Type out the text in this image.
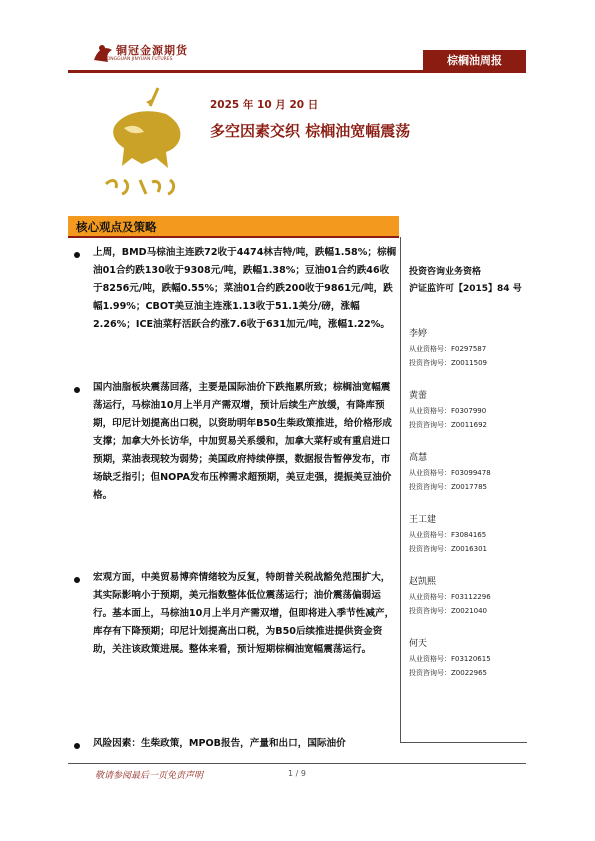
铜冠金源期货
TONGGUAN JINYUAN FUTURES	棕榈油周报
2025 年 10 月 20 日
多空因素交织 棕榈油宽幅震荡
核心观点及策略
上周，BMD马棕油主连跌72收于4474林吉特/吨，跌幅1.58%；棕榈油01合约跌130收于9308元/吨，跌幅1.38%；豆油01合约跌46收于8256元/吨，跌幅0.55%；菜油01合约跌200收于9861元/吨，跌幅1.99%；CBOT美豆油主连涨1.13收于51.1美分/磅，涨幅2.26%；ICE油菜籽活跃合约涨7.6收于631加元/吨，涨幅1.22%。
国内油脂板块震荡回落，主要是国际油价下跌拖累所致；棕榈油宽幅震荡运行，马棕油10月上半月产需双增，预计后续生产放缓，有降库预期，印尼计划提高出口税，以资助明年B50生柴政策推进，给价格形成支撑；加拿大外长访华，中加贸易关系缓和，加拿大菜籽或有重启进口预期，菜油表现较为弱势；美国政府持续停摆，数据报告暂停发布，市场缺乏指引；但NOPA发布压榨需求超预期，美豆走强，提振美豆油价格。
宏观方面，中美贸易博弈情绪较为反复，特朗普关税战豁免范围扩大，其实际影响小于预期，美元指数整体低位震荡运行；油价震荡偏弱运行。基本面上，马棕油10月上半月产需双增，但即将进入季节性减产，库存有下降预期；印尼计划提高出口税，为B50后续推进提供资金资助，关注该政策进展。整体来看，预计短期棕榈油宽幅震荡运行。
风险因素：生柴政策，MPOB报告，产量和出口，国际油价
投资咨询业务资格
沪证监许可【2015】84 号
李婷
从业资格号：F0297587
投资咨询号：Z0011509
黄蕾
从业资格号：F0307990
投资咨询号：Z0011692
高慧
从业资格号：F03099478
投资咨询号：Z0017785
王工建
从业资格号：F3084165
投资咨询号：Z0016301
赵凯熙
从业资格号：F03112296
投资咨询号：Z0021040
何天
从业资格号：F03120615
投资咨询号：Z0022965
敬请参阅最后一页免责声明	1 / 9
